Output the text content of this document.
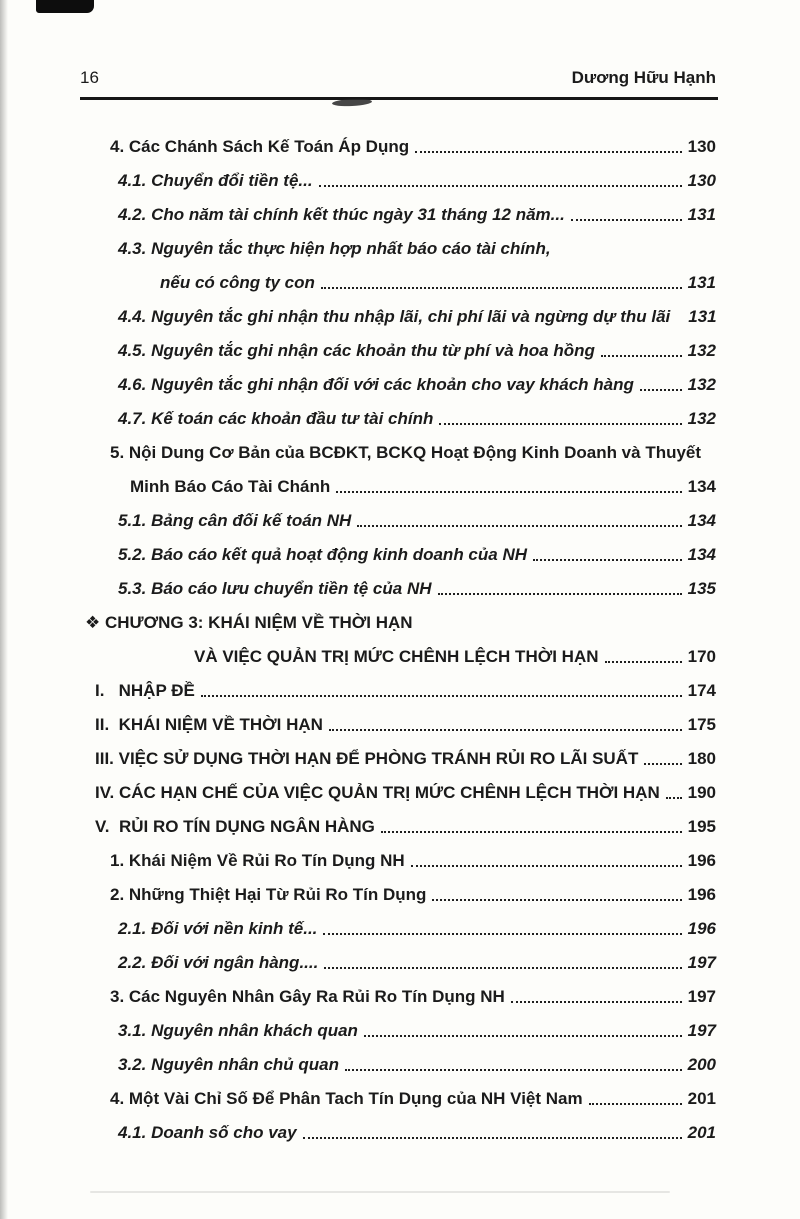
16	Dương Hữu Hạnh
4. Các Chánh Sách Kế Toán Áp Dụng	130
4.1. Chuyển đổi tiền tệ...	130
4.2. Cho năm tài chính kết thúc ngày 31 tháng 12 năm...	131
4.3. Nguyên tắc thực hiện hợp nhất báo cáo tài chính,
nếu có công ty con	131
4.4. Nguyên tắc ghi nhận thu nhập lãi, chi phí lãi và ngừng dự thu lãi 131
4.5. Nguyên tắc ghi nhận các khoản thu từ phí và hoa hồng	132
4.6. Nguyên tắc ghi nhận đối với các khoản cho vay khách hàng	132
4.7. Kế toán các khoản đầu tư tài chính	132
5. Nội Dung Cơ Bản của BCĐKT, BCKQ Hoạt Động Kinh Doanh và Thuyết
Minh Báo Cáo Tài Chánh	134
5.1. Bảng cân đối kế toán NH	134
5.2. Báo cáo kết quả hoạt động kinh doanh của NH	134
5.3. Báo cáo lưu chuyển tiền tệ của NH	135
❖ CHƯƠNG 3: KHÁI NIỆM VỀ THỜI HẠN
VÀ VIỆC QUẢN TRỊ MỨC CHÊNH LỆCH THỜI HẠN	170
I.   NHẬP ĐỀ	174
II.  KHÁI NIỆM VỀ THỜI HẠN	175
III. VIỆC SỬ DỤNG THỜI HẠN ĐỂ PHÒNG TRÁNH RỦI RO LÃI SUẤT	180
IV. CÁC HẠN CHẾ CỦA VIỆC QUẢN TRỊ MỨC CHÊNH LỆCH THỜI HẠN 190
V.  RỦI RO TÍN DỤNG NGÂN HÀNG	195
1. Khái Niệm Về Rủi Ro Tín Dụng NH	196
2. Những Thiệt Hại Từ Rủi Ro Tín Dụng	196
2.1. Đối với nền kinh tế...	196
2.2. Đối với ngân hàng....	197
3. Các Nguyên Nhân Gây Ra Rủi Ro Tín Dụng NH	197
3.1. Nguyên nhân khách quan	197
3.2. Nguyên nhân chủ quan	200
4. Một Vài Chỉ Số Để Phân Tach Tín Dụng của NH Việt Nam	201
4.1. Doanh số cho vay	201
